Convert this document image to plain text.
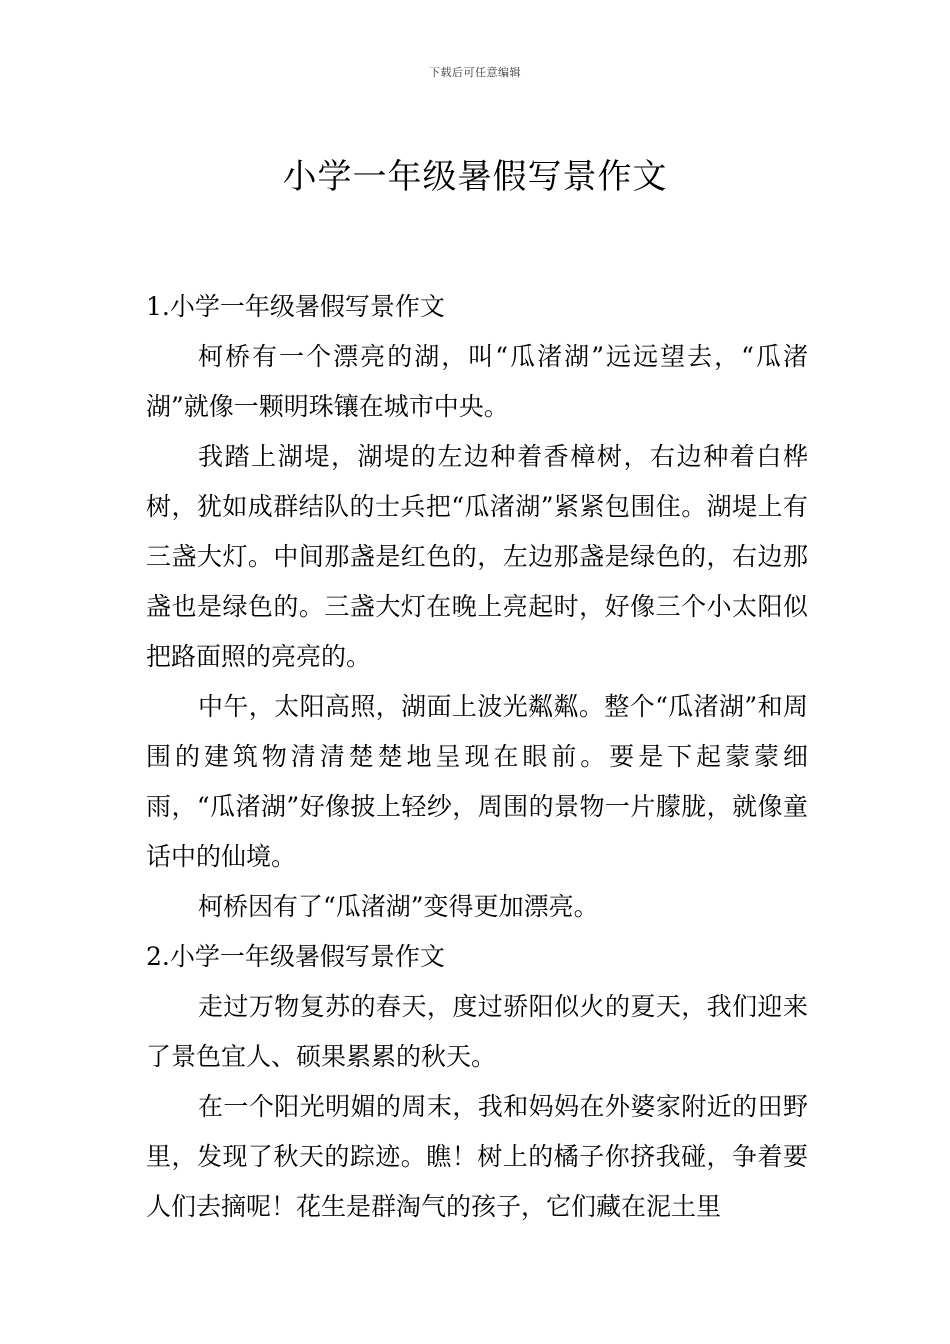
下载后可任意编辑
小学一年级暑假写景作文

1.小学一年级暑假写景作文

柯桥有一个漂亮的湖，叫“瓜渚湖”远远望去，“瓜渚湖”就像一颗明珠镶在城市中央。

我踏上湖堤，湖堤的左边种着香樟树，右边种着白桦树，犹如成群结队的士兵把“瓜渚湖”紧紧包围住。湖堤上有三盏大灯。中间那盏是红色的，左边那盏是绿色的，右边那盏也是绿色的。三盏大灯在晚上亮起时，好像三个小太阳似把路面照的亮亮的。

中午，太阳高照，湖面上波光粼粼。整个“瓜渚湖”和周围的建筑物清清楚楚地呈现在眼前。要是下起蒙蒙细雨，“瓜渚湖”好像披上轻纱，周围的景物一片朦胧，就像童话中的仙境。

柯桥因有了“瓜渚湖”变得更加漂亮。

2.小学一年级暑假写景作文

走过万物复苏的春天，度过骄阳似火的夏天，我们迎来了景色宜人、硕果累累的秋天。

在一个阳光明媚的周末，我和妈妈在外婆家附近的田野里，发现了秋天的踪迹。瞧！树上的橘子你挤我碰，争着要人们去摘呢！花生是群淘气的孩子，它们藏在泥土里
